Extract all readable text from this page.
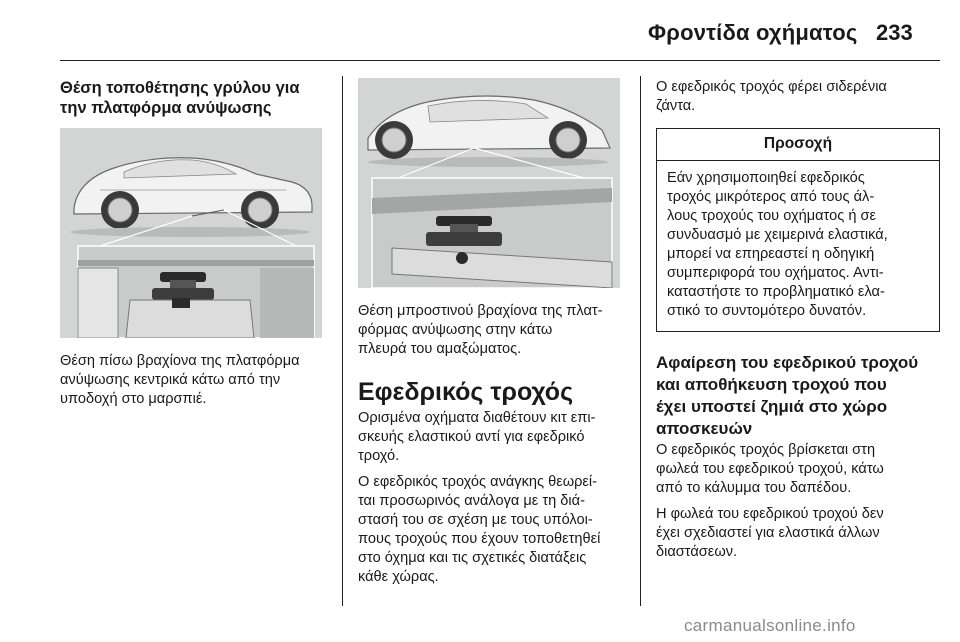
Φροντίδα οχήματος 233
Θέση τοποθέτησης γρύλου για
την πλατφόρμα ανύψωσης

Θέση πίσω βραχίονα της πλατφόρμα
ανύψωσης κεντρικά κάτω από την
υποδοχή στο μαρσπιέ.

Θέση μπροστινού βραχίονα της πλατ-
φόρμας ανύψωσης στην κάτω
πλευρά του αμαξώματος.

Εφεδρικός τροχός

Ορισμένα οχήματα διαθέτουν κιτ επι-
σκευής ελαστικού αντί για εφεδρικό
τροχό.

Ο εφεδρικός τροχός ανάγκης θεωρεί-
ται προσωρινός ανάλογα με τη διά-
στασή του σε σχέση με τους υπόλοι-
πους τροχούς που έχουν τοποθετηθεί
στο όχημα και τις σχετικές διατάξεις
κάθε χώρας.

Ο εφεδρικός τροχός φέρει σιδερένια
ζάντα.

Προσοχή
Εάν χρησιμοποιηθεί εφεδρικός
τροχός μικρότερος από τους άλ-
λους τροχούς του οχήματος ή σε
συνδυασμό με χειμερινά ελαστικά,
μπορεί να επηρεαστεί η οδηγική
συμπεριφορά του οχήματος. Αντι-
καταστήστε το προβληματικό ελα-
στικό το συντομότερο δυνατόν.
Αφαίρεση του εφεδρικού τροχού
και αποθήκευση τροχού που
έχει υποστεί ζημιά στο χώρο
αποσκευών

Ο εφεδρικός τροχός βρίσκεται στη
φωλεά του εφεδρικού τροχού, κάτω
από το κάλυμμα του δαπέδου.

Η φωλεά του εφεδρικού τροχού δεν
έχει σχεδιαστεί για ελαστικά άλλων
διαστάσεων.

carmanualsonline.info
